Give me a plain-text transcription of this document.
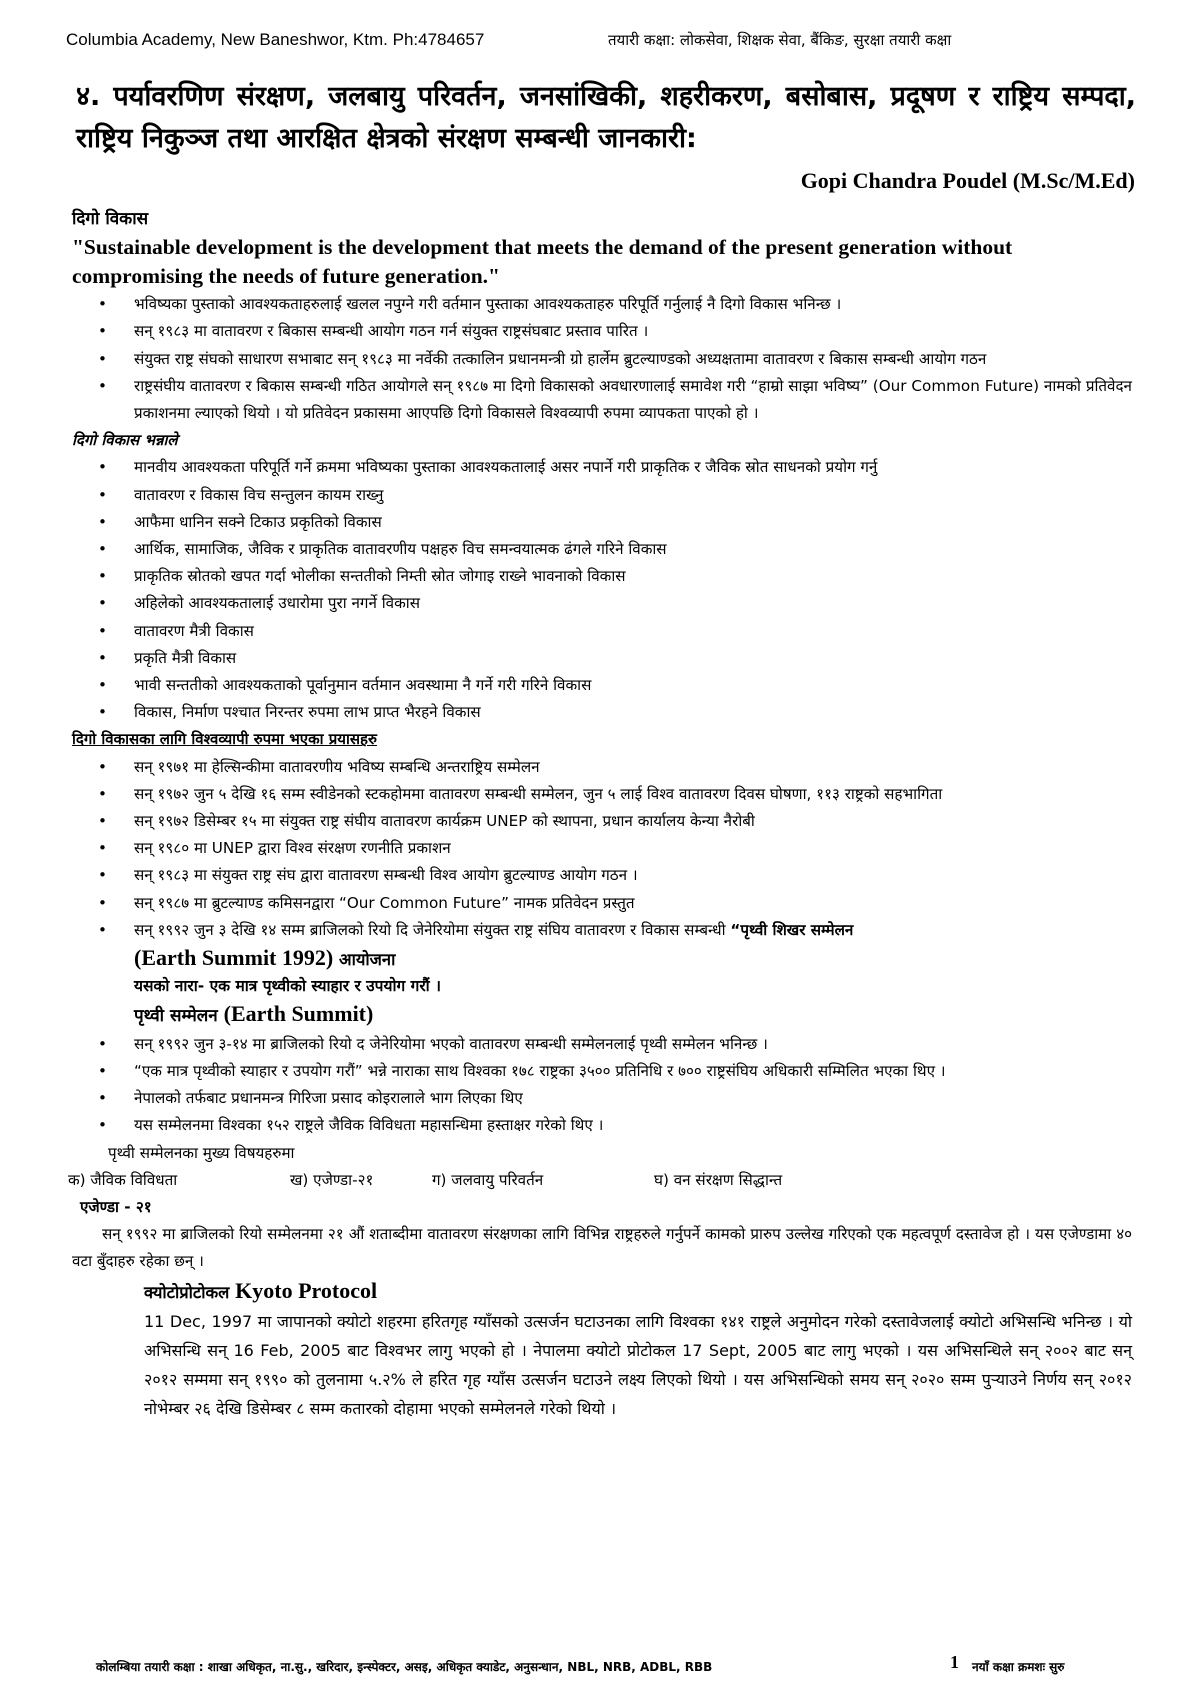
Columbia Academy, New Baneshwor, Ktm. Ph:4784657	तयारी कक्षा: लोकसेवा, शिक्षक सेवा, बैंकिङ, सुरक्षा तयारी कक्षा
४. पर्यावरणिण संरक्षण, जलबायु परिवर्तन, जनसांखिकी, शहरीकरण, बसोबास, प्रदूषण र राष्ट्रिय सम्पदा, राष्ट्रिय निकुञ्ज तथा आरक्षित क्षेत्रको संरक्षण सम्बन्धी जानकारी:
Gopi Chandra Poudel (M.Sc/M.Ed)

दिगो विकास

"Sustainable development is the development that meets the demand of the present generation without compromising the needs of future generation."

• भविष्यका पुस्ताको आवश्यकताहरुलाई खलल नपुग्ने गरी वर्तमान पुस्ताका आवश्यकताहरु परिपूर्ति गर्नुलाई नै दिगो विकास भनिन्छ ।
• सन् १९८३ मा वातावरण र बिकास सम्बन्धी आयोग गठन गर्न संयुक्त राष्ट्रसंघबाट प्रस्ताव पारित ।
• संयुक्त राष्ट्र संघको साधारण सभाबाट सन् १९८३ मा नर्वेकी तत्कालिन प्रधानमन्त्री ग्रो हार्लेम ब्रुटल्याण्डको अध्यक्षतामा वातावरण र बिकास सम्बन्धी आयोग गठन
• राष्ट्रसंघीय वातावरण र बिकास सम्बन्धी गठित आयोगले सन् १९८७ मा दिगो विकासको अवधारणालाई समावेश गरी “हाम्रो साझा भविष्य” (Our Common Future) नामको प्रतिवेदन प्रकाशनमा ल्याएको थियो । यो प्रतिवेदन प्रकासमा आएपछि दिगो विकासले विश्वव्यापी रुपमा व्यापकता पाएको हो ।

दिगो विकास भन्नाले

• मानवीय आवश्यकता परिपूर्ति गर्ने क्रममा भविष्यका पुस्ताका आवश्यकतालाई असर नपार्ने गरी प्राकृतिक र जैविक स्रोत साधनको प्रयोग गर्नु
• वातावरण र विकास विच सन्तुलन कायम राख्नु
• आफैमा धानिन सक्ने टिकाउ प्रकृतिको विकास
• आर्थिक, सामाजिक, जैविक र प्राकृतिक वातावरणीय पक्षहरु विच समन्वयात्मक ढंगले गरिने विकास
• प्राकृतिक स्रोतको खपत गर्दा भोलीका सन्ततीको निम्ती स्रोत जोगाइ राख्ने भावनाको विकास
• अहिलेको आवश्यकतालाई उधारोमा पुरा नगर्ने विकास
• वातावरण मैत्री विकास
• प्रकृति मैत्री विकास
• भावी सन्ततीको आवश्यकताको पूर्वानुमान वर्तमान अवस्थामा नै गर्ने गरी गरिने विकास
• विकास, निर्माण पश्चात निरन्तर रुपमा लाभ प्राप्त भैरहने विकास

दिगो विकासका लागि विश्वव्यापी रुपमा भएका प्रयासहरु

• सन् १९७१ मा हेल्सिन्कीमा वातावरणीय भविष्य सम्बन्धि अन्तराष्ट्रिय सम्मेलन
• सन् १९७२ जुन ५ देखि १६ सम्म स्वीडेनको स्टकहोममा वातावरण सम्बन्धी सम्मेलन, जुन ५ लाई विश्व वातावरण दिवस घोषणा, ११३ राष्ट्रको सहभागिता
• सन् १९७२ डिसेम्बर १५ मा संयुक्त राष्ट्र संघीय वातावरण कार्यक्रम UNEP को स्थापना, प्रधान कार्यालय केन्या नैरोबी
• सन् १९८० मा UNEP द्वारा विश्व संरक्षण रणनीति प्रकाशन
• सन् १९८३ मा संयुक्त राष्ट्र संघ द्वारा वातावरण सम्बन्धी विश्व आयोग ब्रुटल्याण्ड आयोग गठन ।
• सन् १९८७ मा ब्रुटल्याण्ड कमिसनद्वारा “Our Common Future” नामक प्रतिवेदन प्रस्तुत
• सन् १९९२ जुन ३ देखि १४ सम्म ब्राजिलको रियो दि जेनेरियोमा संयुक्त राष्ट्र संघिय वातावरण र विकास सम्बन्धी “पृथ्वी शिखर सम्मेलन

(Earth Summit 1992) आयोजना

यसको नारा- एक मात्र पृथ्वीको स्याहार र उपयोग गरौं ।

पृथ्वी सम्मेलन (Earth Summit)

• सन् १९९२ जुन ३-१४ मा ब्राजिलको रियो द जेनेरियोमा भएको वातावरण सम्बन्धी सम्मेलनलाई पृथ्वी सम्मेलन भनिन्छ ।
• “एक मात्र पृथ्वीको स्याहार र उपयोग गरौं” भन्ने नाराका साथ विश्वका १७८ राष्ट्रका ३५०० प्रतिनिधि र ७०० राष्ट्रसंघिय अधिकारी सम्मिलित भएका थिए ।
• नेपालको तर्फबाट प्रधानमन्त्र गिरिजा प्रसाद कोइरालाले भाग लिएका थिए
• यस सम्मेलनमा विश्वका १५२ राष्ट्रले जैविक विविधता महासन्धिमा हस्ताक्षर गरेको थिए ।

पृथ्वी सम्मेलनका मुख्य विषयहरुमा

क) जैविक विविधता	ख) एजेण्डा-२१	ग) जलवायु परिवर्तन	घ) वन संरक्षण सिद्धान्त

एजेण्डा - २१

सन् १९९२ मा ब्राजिलको रियो सम्मेलनमा २१ औं शताब्दीमा वातावरण संरक्षणका लागि विभिन्न राष्ट्रहरुले गर्नुपर्ने कामको प्रारुप उल्लेख गरिएको एक महत्वपूर्ण दस्तावेज हो । यस एजेण्डामा ४० वटा बुँदाहरु रहेका छन् ।

क्योटोप्रोटोकल Kyoto Protocol

11 Dec, 1997 मा जापानको क्योटो शहरमा हरितगृह ग्याँसको उत्सर्जन घटाउनका लागि विश्वका १४१ राष्ट्रले अनुमोदन गरेको दस्तावेजलाई क्योटो अभिसन्धि भनिन्छ । यो अभिसन्धि सन् 16 Feb, 2005 बाट विश्वभर लागु भएको हो । नेपालमा क्योटो प्रोटोकल 17 Sept, 2005 बाट लागु भएको । यस अभिसन्धिले सन् २००२ बाट सन् २०१२ सम्ममा सन् १९९० को तुलनामा ५.२% ले हरित गृह ग्याँस उत्सर्जन घटाउने लक्ष्य लिएको थियो । यस अभिसन्धिको समय सन् २०२० सम्म पुऱ्याउने निर्णय सन् २०१२ नोभेम्बर २६ देखि डिसेम्बर ८ सम्म कतारको दोहामा भएको सम्मेलनले गरेको थियो ।

कोलम्बिया तयारी कक्षा : शाखा अधिकृत, ना.सु., खरिदार, इन्स्पेक्टर, असइ, अधिकृत क्याडेट, अनुसन्धान, NBL, NRB, ADBL, RBB	1 नयाँ कक्षा क्रमशः सुरु
